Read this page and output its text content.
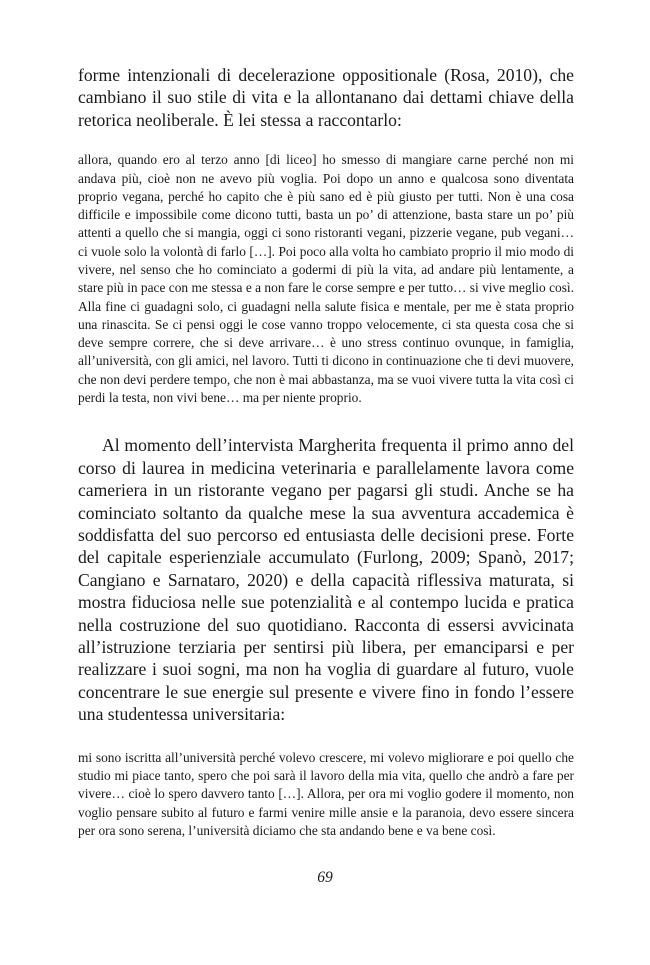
forme intenzionali di decelerazione oppositionale (Rosa, 2010), che cambiano il suo stile di vita e la allontanano dai dettami chiave della retorica neoliberale. È lei stessa a raccontarlo:

allora, quando ero al terzo anno [di liceo] ho smesso di mangiare carne perché non mi andava più, cioè non ne avevo più voglia. Poi dopo un anno e qualcosa sono diventata proprio vegana, perché ho capito che è più sano ed è più giusto per tutti. Non è una cosa difficile e impossibile come dicono tutti, basta un po’ di attenzione, basta stare un po’ più attenti a quello che si mangia, oggi ci sono ristoranti vegani, pizzerie vegane, pub vegani… ci vuole solo la volontà di farlo […]. Poi poco alla volta ho cambiato proprio il mio modo di vivere, nel senso che ho cominciato a godermi di più la vita, ad andare più lentamente, a stare più in pace con me stessa e a non fare le corse sempre e per tutto… si vive meglio così. Alla fine ci guadagni solo, ci guadagni nella salute fisica e mentale, per me è stata proprio una rinascita. Se ci pensi oggi le cose vanno troppo velocemente, ci sta questa cosa che si deve sempre correre, che si deve arrivare… è uno stress continuo ovunque, in famiglia, all’università, con gli amici, nel lavoro. Tutti ti dicono in continuazione che ti devi muovere, che non devi perdere tempo, che non è mai abbastanza, ma se vuoi vivere tutta la vita così ci perdi la testa, non vivi bene… ma per niente proprio.

Al momento dell’intervista Margherita frequenta il primo anno del corso di laurea in medicina veterinaria e parallelamente lavora come cameriera in un ristorante vegano per pagarsi gli studi. Anche se ha cominciato soltanto da qualche mese la sua avventura accademica è soddisfatta del suo percorso ed entusiasta delle decisioni prese. Forte del capitale esperienziale accumulato (Furlong, 2009; Spanò, 2017; Cangiano e Sarnataro, 2020) e della capacità riflessiva maturata, si mostra fiduciosa nelle sue potenzialità e al contempo lucida e pratica nella costruzione del suo quotidiano. Racconta di essersi avvicinata all’istruzione terziaria per sentirsi più libera, per emanciparsi e per realizzare i suoi sogni, ma non ha voglia di guardare al futuro, vuole concentrare le sue energie sul presente e vivere fino in fondo l’essere una studentessa universitaria:

mi sono iscritta all’università perché volevo crescere, mi volevo migliorare e poi quello che studio mi piace tanto, spero che poi sarà il lavoro della mia vita, quello che andrò a fare per vivere… cioè lo spero davvero tanto […]. Allora, per ora mi voglio godere il momento, non voglio pensare subito al futuro e farmi venire mille ansie e la paranoia, devo essere sincera per ora sono serena, l’università diciamo che sta andando bene e va bene così.

69
